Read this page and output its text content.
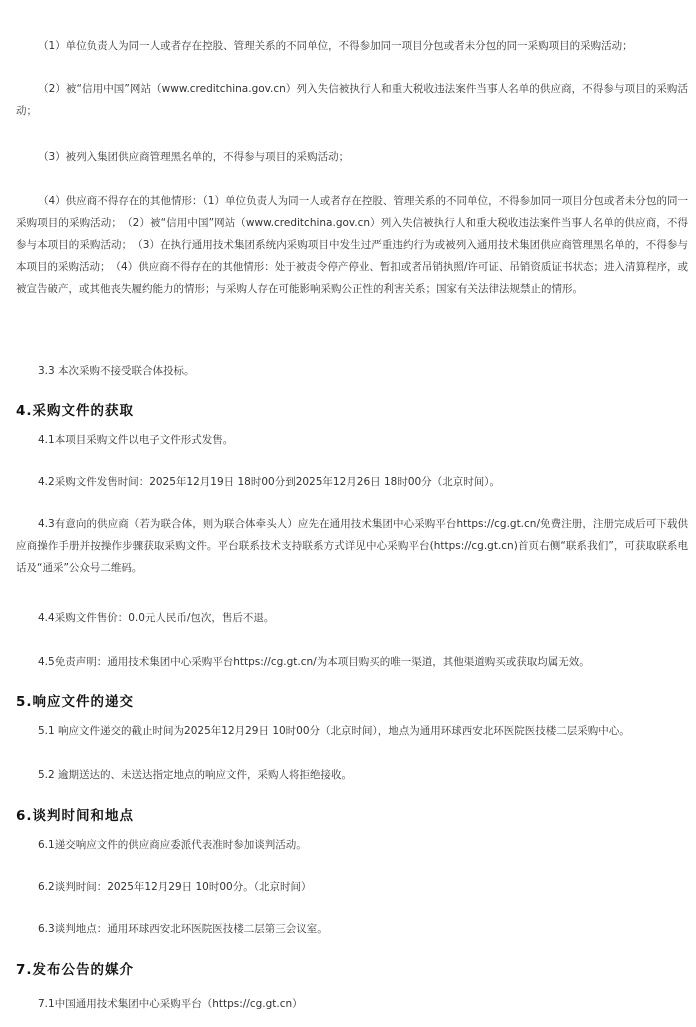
（1）单位负责人为同一人或者存在控股、管理关系的不同单位，不得参加同一项目分包或者未分包的同一采购项目的采购活动；
（2）被“信用中国”网站（www.creditchina.gov.cn）列入失信被执行人和重大税收违法案件当事人名单的供应商，不得参与项目的采购活动；
（3）被列入集团供应商管理黑名单的，不得参与项目的采购活动；
（4）供应商不得存在的其他情形：（1）单位负责人为同一人或者存在控股、管理关系的不同单位，不得参加同一项目分包或者未分包的同一采购项目的采购活动；　（2）被“信用中国”网站（www.creditchina.gov.cn）列入失信被执行人和重大税收违法案件当事人名单的供应商，不得参与本项目的采购活动；　（3）在执行通用技术集团系统内采购项目中发生过严重违约行为或被列入通用技术集团供应商管理黑名单的，不得参与本项目的采购活动；　（4）供应商不得存在的其他情形：处于被责令停产停业、暂扣或者吊销执照/许可证、吊销资质证书状态；进入清算程序，或被宣告破产，或其他丧失履约能力的情形；与采购人存在可能影响采购公正性的利害关系；国家有关法律法规禁止的情形。
3.3 本次采购不接受联合体投标。
4.采购文件的获取
4.1本项目采购文件以电子文件形式发售。
4.2采购文件发售时间：2025年12月19日 18时00分到2025年12月26日 18时00分（北京时间）。
4.3有意向的供应商（若为联合体，则为联合体牵头人）应先在通用技术集团中心采购平台https://cg.gt.cn/免费注册，注册完成后可下载供应商操作手册并按操作步骤获取采购文件。平台联系技术支持联系方式详见中心采购平台(https://cg.gt.cn)首页右侧“联系我们”，可获取联系电话及“通采”公众号二维码。
4.4采购文件售价：0.0元人民币/包次，售后不退。
4.5免责声明：通用技术集团中心采购平台https://cg.gt.cn/为本项目购买的唯一渠道，其他渠道购买或获取均属无效。
5.响应文件的递交
5.1 响应文件递交的截止时间为2025年12月29日 10时00分（北京时间），地点为通用环球西安北环医院医技楼二层采购中心。
5.2 逾期送达的、未送达指定地点的响应文件，采购人将拒绝接收。
6.谈判时间和地点
6.1递交响应文件的供应商应委派代表准时参加谈判活动。
6.2谈判时间：2025年12月29日 10时00分。（北京时间）
6.3谈判地点：通用环球西安北环医院医技楼二层第三会议室。
7.发布公告的媒介
7.1中国通用技术集团中心采购平台（https://cg.gt.cn）
